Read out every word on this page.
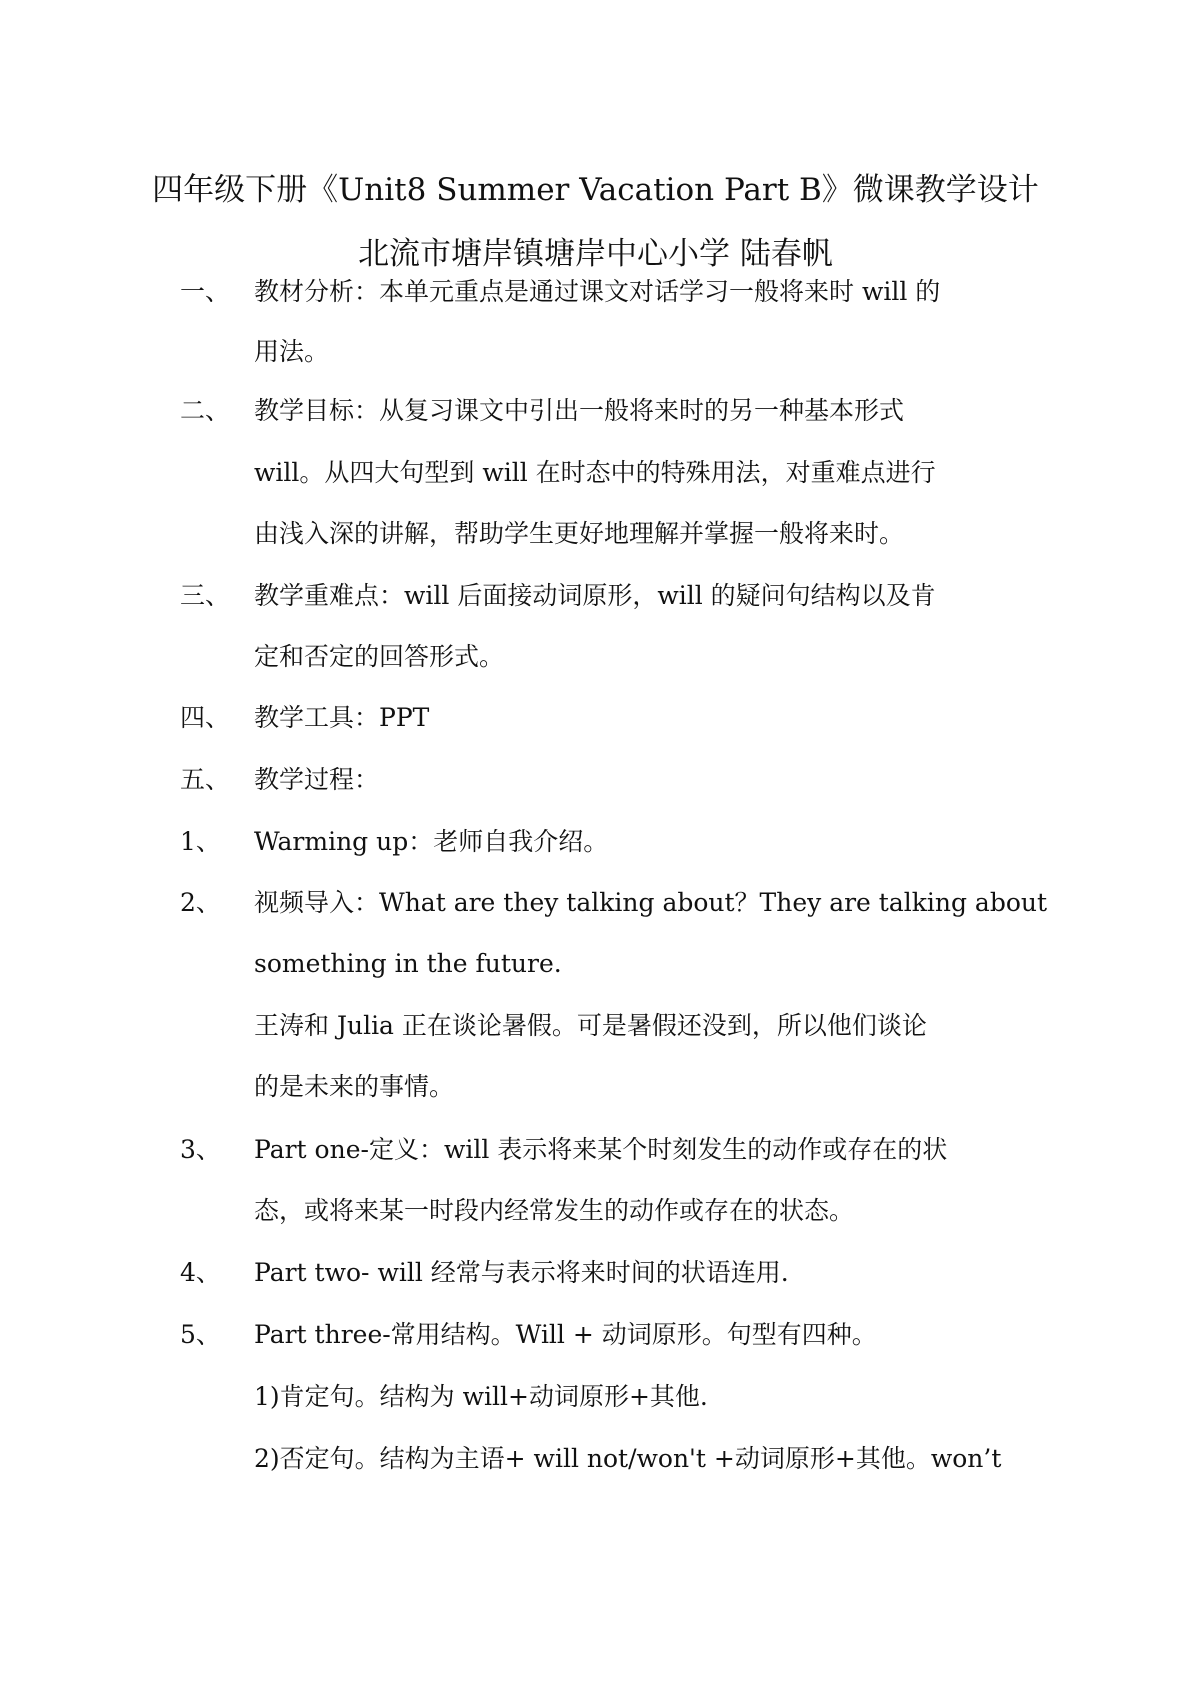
四年级下册《Unit8 Summer Vacation Part B》微课教学设计
北流市塘岸镇塘岸中心小学 陆春帆
一、 教材分析：本单元重点是通过课文对话学习一般将来时 will 的
用法。
二、 教学目标：从复习课文中引出一般将来时的另一种基本形式
will。从四大句型到 will 在时态中的特殊用法，对重难点进行
由浅入深的讲解，帮助学生更好地理解并掌握一般将来时。
三、 教学重难点：will 后面接动词原形，will 的疑问句结构以及肯
定和否定的回答形式。
四、 教学工具：PPT
五、 教学过程：
1、 Warming up：老师自我介绍。
2、 视频导入：What are they talking about？They are talking about
something in the future.
王涛和 Julia 正在谈论暑假。可是暑假还没到，所以他们谈论
的是未来的事情。
3、 Part one-定义：will 表示将来某个时刻发生的动作或存在的状
态，或将来某一时段内经常发生的动作或存在的状态。
4、 Part two- will 经常与表示将来时间的状语连用.
5、 Part three-常用结构。Will + 动词原形。句型有四种。
1)肯定句。结构为 will+动词原形+其他.
2)否定句。结构为主语+ will not/won't +动词原形+其他。won’t
